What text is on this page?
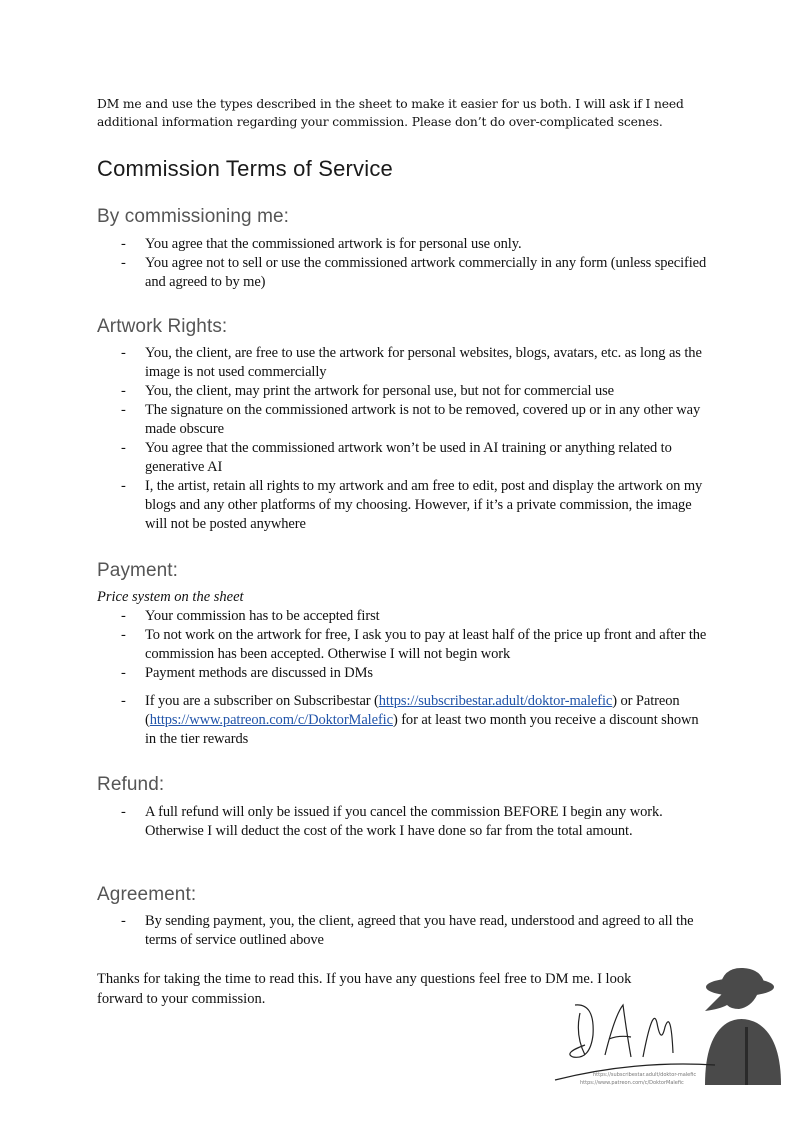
DM me and use the types described in the sheet to make it easier for us both. I will ask if I need
additional information regarding your commission. Please don’t do over-complicated scenes.
Commission Terms of Service
By commissioning me:
- You agree that the commissioned artwork is for personal use only.
- You agree not to sell or use the commissioned artwork commercially in any form (unless specified and agreed to by me)
Artwork Rights:
- You, the client, are free to use the artwork for personal websites, blogs, avatars, etc. as long as the image is not used commercially
- You, the client, may print the artwork for personal use, but not for commercial use
- The signature on the commissioned artwork is not to be removed, covered up or in any other way made obscure
- You agree that the commissioned artwork won’t be used in AI training or anything related to generative AI
- I, the artist, retain all rights to my artwork and am free to edit, post and display the artwork on my blogs and any other platforms of my choosing. However, if it’s a private commission, the image will not be posted anywhere
Payment:
Price system on the sheet
- Your commission has to be accepted first
- To not work on the artwork for free, I ask you to pay at least half of the price up front and after the commission has been accepted. Otherwise I will not begin work
- Payment methods are discussed in DMs
- If you are a subscriber on Subscribestar (https://subscribestar.adult/doktor-malefic) or Patreon (https://www.patreon.com/c/DoktorMalefic) for at least two month you receive a discount shown in the tier rewards
Refund:
- A full refund will only be issued if you cancel the commission BEFORE I begin any work. Otherwise I will deduct the cost of the work I have done so far from the total amount.
Agreement:
- By sending payment, you, the client, agreed that you have read, understood and agreed to all the terms of service outlined above
Thanks for taking the time to read this. If you have any questions feel free to DM me. I look
forward to your commission.
https://subscribestar.adult/doktor-malefic
https://www.patreon.com/c/DoktorMalefic
